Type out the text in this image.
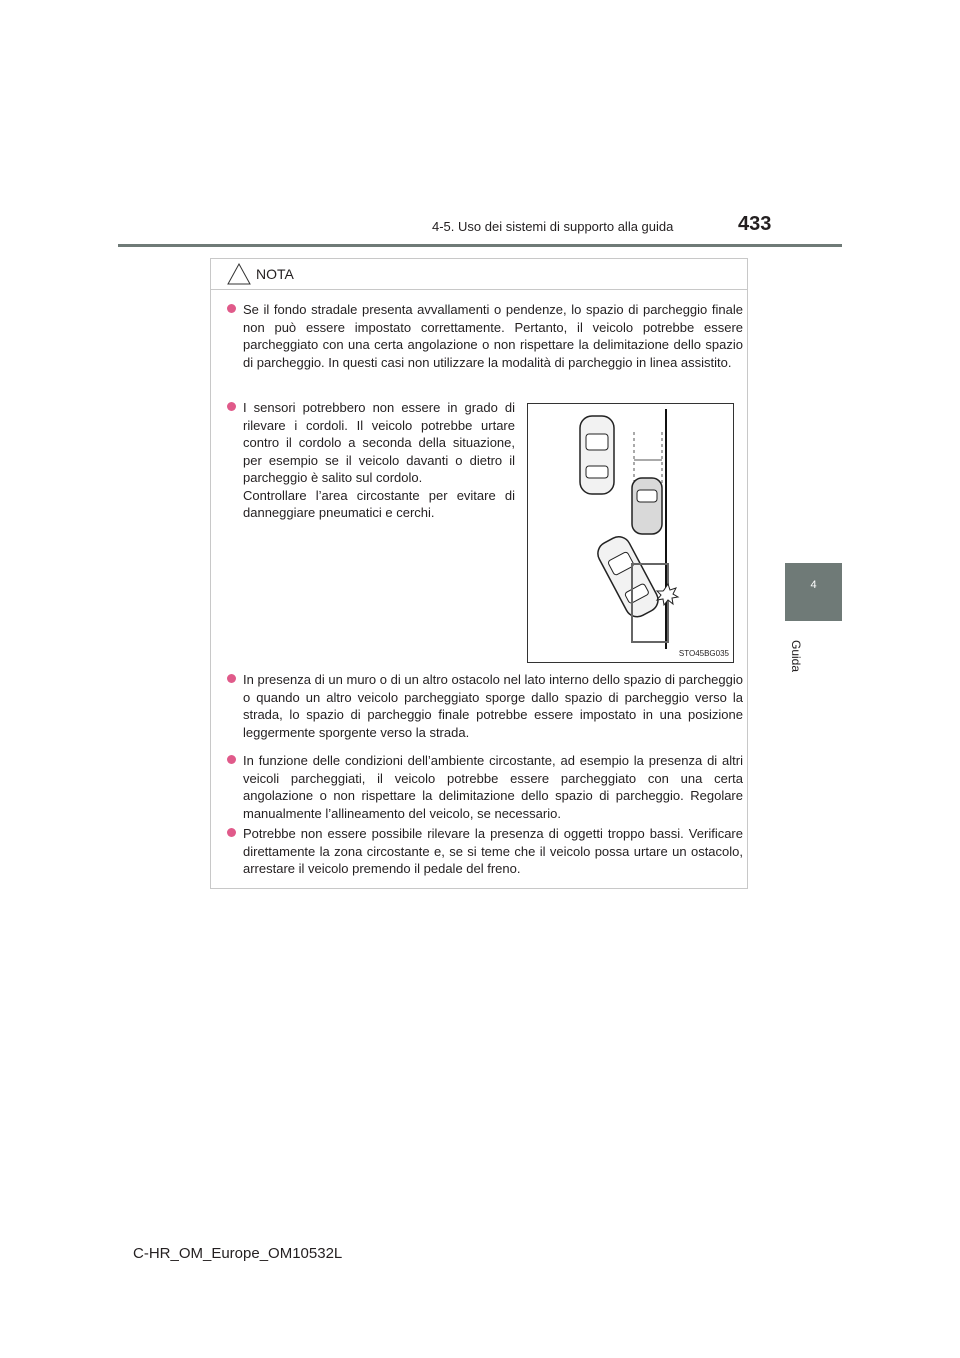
4-5. Uso dei sistemi di supporto alla guida	433
4
Guida
NOTA
Se il fondo stradale presenta avvallamenti o pendenze, lo spazio di parcheggio finale non può essere impostato correttamente. Pertanto, il veicolo potrebbe essere parcheggiato con una certa angolazione o non rispettare la delimitazione dello spazio di parcheggio. In questi casi non utilizzare la modalità di parcheggio in linea assistito.
I sensori potrebbero non essere in grado di rilevare i cordoli. Il veicolo potrebbe urtare contro il cordolo a seconda della situazione, per esempio se il veicolo davanti o dietro il parcheggio è salito sul cordolo.
Controllare l’area circostante per evitare di danneggiare pneumatici e cerchi.
STO45BG035
In presenza di un muro o di un altro ostacolo nel lato interno dello spazio di parcheggio o quando un altro veicolo parcheggiato sporge dallo spazio di parcheggio verso la strada, lo spazio di parcheggio finale potrebbe essere impostato in una posizione leggermente sporgente verso la strada.
In funzione delle condizioni dell’ambiente circostante, ad esempio la presenza di altri veicoli parcheggiati, il veicolo potrebbe essere parcheggiato con una certa angolazione o non rispettare la delimitazione dello spazio di parcheggio. Regolare manualmente l’allineamento del veicolo, se necessario.
Potrebbe non essere possibile rilevare la presenza di oggetti troppo bassi. Verificare direttamente la zona circostante e, se si teme che il veicolo possa urtare un ostacolo, arrestare il veicolo premendo il pedale del freno.
C-HR_OM_Europe_OM10532L
